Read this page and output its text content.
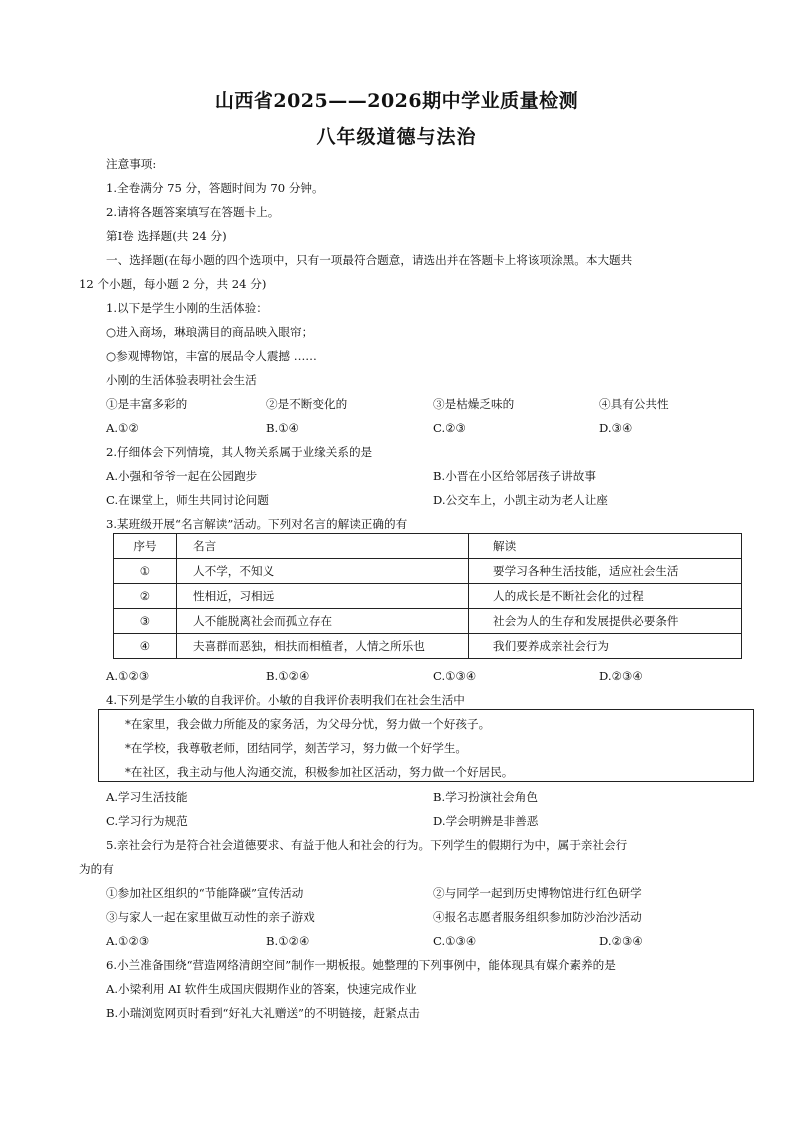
山西省2025——2026期中学业质量检测
八年级道德与法治
注意事项:
1.全卷满分 75 分，答题时间为 70 分钟。
2.请将各题答案填写在答题卡上。
第Ⅰ卷 选择题(共 24 分)
一、选择题(在每小题的四个选项中，只有一项最符合题意，请选出并在答题卡上将该项涂黑。本大题共
12 个小题，每小题 2 分，共 24 分)
1.以下是学生小刚的生活体验：
○进入商场，琳琅满目的商品映入眼帘；
○参观博物馆，丰富的展品令人震撼 ……
小刚的生活体验表明社会生活
①是丰富多彩的	②是不断变化的	③是枯燥乏味的	④具有公共性
A.①②	B.①④	C.②③	D.③④
2.仔细体会下列情境，其人物关系属于业缘关系的是
A.小强和爷爷一起在公园跑步	B.小晋在小区给邻居孩子讲故事
C.在课堂上，师生共同讨论问题	D.公交车上，小凯主动为老人让座
3.某班级开展“名言解读”活动。下列对名言的解读正确的有
序号	名言	解读
①	人不学，不知义	要学习各种生活技能，适应社会生活
②	性相近，习相远	人的成长是不断社会化的过程
③	人不能脱离社会而孤立存在	社会为人的生存和发展提供必要条件
④	夫喜群而恶独，相扶而相植者，人情之所乐也	我们要养成亲社会行为
A.①②③	B.①②④	C.①③④	D.②③④
4.下列是学生小敏的自我评价。小敏的自我评价表明我们在社会生活中
*在家里，我会做力所能及的家务活，为父母分忧，努力做一个好孩子。
*在学校，我尊敬老师，团结同学，刻苦学习，努力做一个好学生。
*在社区，我主动与他人沟通交流，积极参加社区活动，努力做一个好居民。
A.学习生活技能	B.学习扮演社会角色
C.学习行为规范	D.学会明辨是非善恶
5.亲社会行为是符合社会道德要求、有益于他人和社会的行为。下列学生的假期行为中，属于亲社会行
为的有
①参加社区组织的“节能降碳”宣传活动	②与同学一起到历史博物馆进行红色研学
③与家人一起在家里做互动性的亲子游戏	④报名志愿者服务组织参加防沙治沙活动
A.①②③	B.①②④	C.①③④	D.②③④
6.小兰准备围绕“营造网络清朗空间”制作一期板报。她整理的下列事例中，能体现具有媒介素养的是
A.小梁利用 AI 软件生成国庆假期作业的答案，快速完成作业
B.小瑞浏览网页时看到“好礼大礼赠送”的不明链接，赶紧点击
